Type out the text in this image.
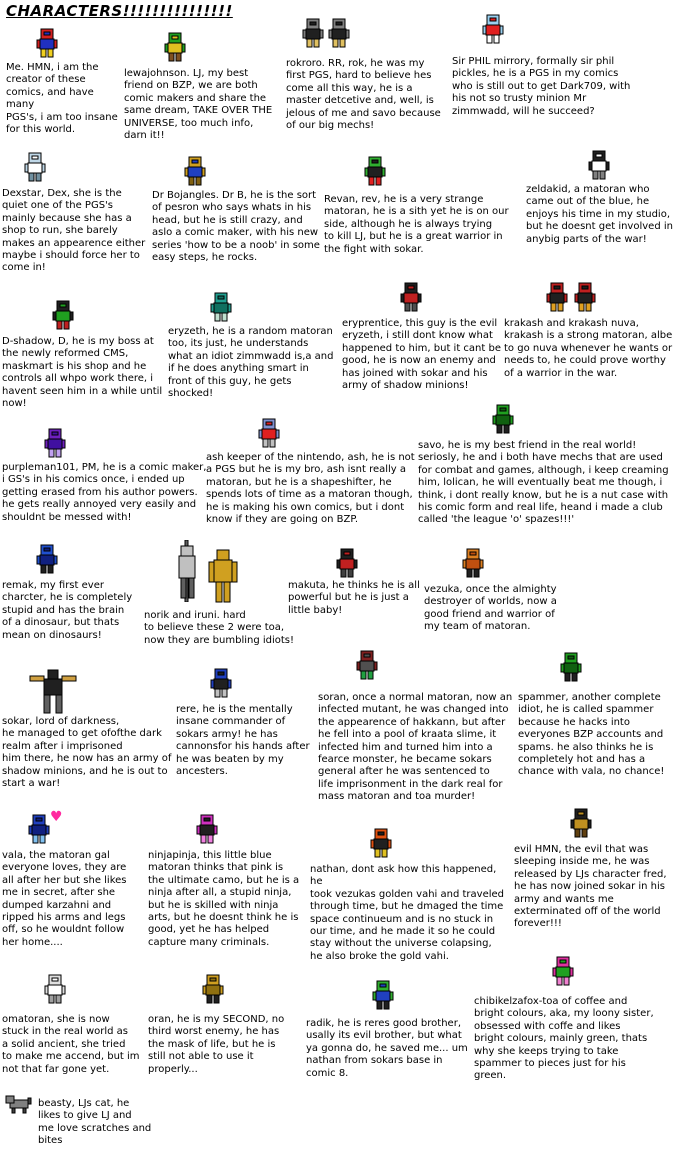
CHARACTERS!!!!!!!!!!!!!!!
Me. HMN, i am the
creator of these
comics, and have many
PGS's, i am too insane
for this world.
lewajohnson. LJ, my best
friend on BZP, we are both
comic makers and share the
same dream, TAKE OVER THE
UNIVERSE, too much info,
darn it!!
rokroro. RR, rok, he was my
first PGS, hard to believe hes
come all this way, he is a
master detcetive and, well, is
jelous of me and savo because
of our big mechs!
Sir PHIL mirrory, formally sir phil
pickles, he is a PGS in my comics
who is still out to get Dark709, with
his not so trusty minion Mr
zimmwadd, will he succeed?
Dexstar, Dex, she is the
quiet one of the PGS's
mainly because she has a
shop to run, she barely
makes an appearence either
maybe i should force her to
come in!
Dr Bojangles. Dr B, he is the sort
of pesron who says whats in his
head, but he is still crazy, and
aslo a comic maker, with his new
series 'how to be a noob' in some
easy steps, he rocks.
Revan, rev, he is a very strange
matoran, he is a sith yet he is on our
side, although he is always trying
to kill LJ, but he is a great warrior in
the fight with sokar.
zeldakid, a matoran who
came out of the blue, he
enjoys his time in my studio,
but he doesnt get involved in
anybig parts of the war!
D-shadow, D, he is my boss at
the newly reformed CMS,
maskmart is his shop and he
controls all whpo work there, i
havent seen him in a while until
now!
eryzeth, he is a random matoran
too, its just, he understands
what an idiot zimmwadd is,a and
if he does anything smart in
front of this guy, he gets
shocked!
eryprentice, this guy is the evil
eryzeth, i still dont know what
happened to him, but it cant be
good, he is now an enemy and
has joined with sokar and his
army of shadow minions!
krakash and krakash nuva,
krakash is a strong matoran, albe
to go nuva whenever he wants or
needs to, he could prove worthy
of a warrior in the war.
purpleman101, PM, he is a comic maker,
i GS's in his comics once, i ended up
getting erased from his author powers.
he gets really annoyed very easily and
shouldnt be messed with!
ash keeper of the nintendo, ash, he is not
a PGS but he is my bro, ash isnt really a
matoran, but he is a shapeshifter, he
spends lots of time as a matoran though,
he is making his own comics, but i dont
know if they are going on BZP.
savo, he is my best friend in the real world!
seriosly, he and i both have mechs that are used
for combat and games, although, i keep creaming
him, lolican, he will eventually beat me though, i
think, i dont really know, but he is a nut case with
his comic form and real life, heand i made a club
called 'the league 'o' spazes!!!'
remak, my first ever
charcter, he is completely
stupid and has the brain
of a dinosaur, but thats
mean on dinosaurs!
norik and iruni. hard
to believe these 2 were toa,
now they are bumbling idiots!
makuta, he thinks he is all
powerful but he is just a
little baby!
vezuka, once the almighty
destroyer of worlds, now a
good friend and warrior of
my team of matoran.
sokar, lord of darkness,
he managed to get ofofthe dark
realm after i imprisoned
him there, he now has an army of
shadow minions, and he is out to
start a war!
rere, he is the mentally
insane commander of
sokars army! he has
cannonsfor his hands after
he was beaten by my
ancesters.
soran, once a normal matoran, now an
infected mutant, he was changed into
the appearence of hakkann, but after
he fell into a pool of kraata slime, it
infected him and turned him into a
fearce monster, he became sokars
general after he was sentenced to
life imprisonment in the dark real for
mass matoran and toa murder!
spammer, another complete
idiot, he is called spammer
because he hacks into
everyones BZP accounts and
spams. he also thinks he is
completely hot and has a
chance with vala, no chance!
♥
vala, the matoran gal
everyone loves, they are
all after her but she likes
me in secret, after she
dumped karzahni and
ripped his arms and legs
off, so he wouldnt follow
her home....
ninjapinja, this little blue
matoran thinks that pink is
the ultimate camo, but he is a
ninja after all, a stupid ninja,
but he is skilled with ninja
arts, but he doesnt think he is
good, yet he has helped
capture many criminals.
nathan, dont ask how this happened, he
took vezukas golden vahi and traveled
through time, but he dmaged the time
space continueum and is no stuck in
our time, and he made it so he could
stay without the universe colapsing,
he also broke the gold vahi.
evil HMN, the evil that was
sleeping inside me, he was
released by LJs character fred,
he has now joined sokar in his
army and wants me
exterminated off of the world
forever!!!
omatoran, she is now
stuck in the real world as
a solid ancient, she tried
to make me accend, but im
not that far gone yet.
oran, he is my SECOND, no
third worst enemy, he has
the mask of life, but he is
still not able to use it
properly...
radik, he is reres good brother,
usally its evil brother, but what
ya gonna do, he saved me... um
nathan from sokars base in
comic 8.
chibikelzafox-toa of coffee and
bright colours, aka, my loony sister,
obsessed with coffe and likes
bright colours, mainly green, thats
why she keeps trying to take
spammer to pieces just for his
green.
beasty, LJs cat, he
likes to give LJ and
me love scratches and
bites
